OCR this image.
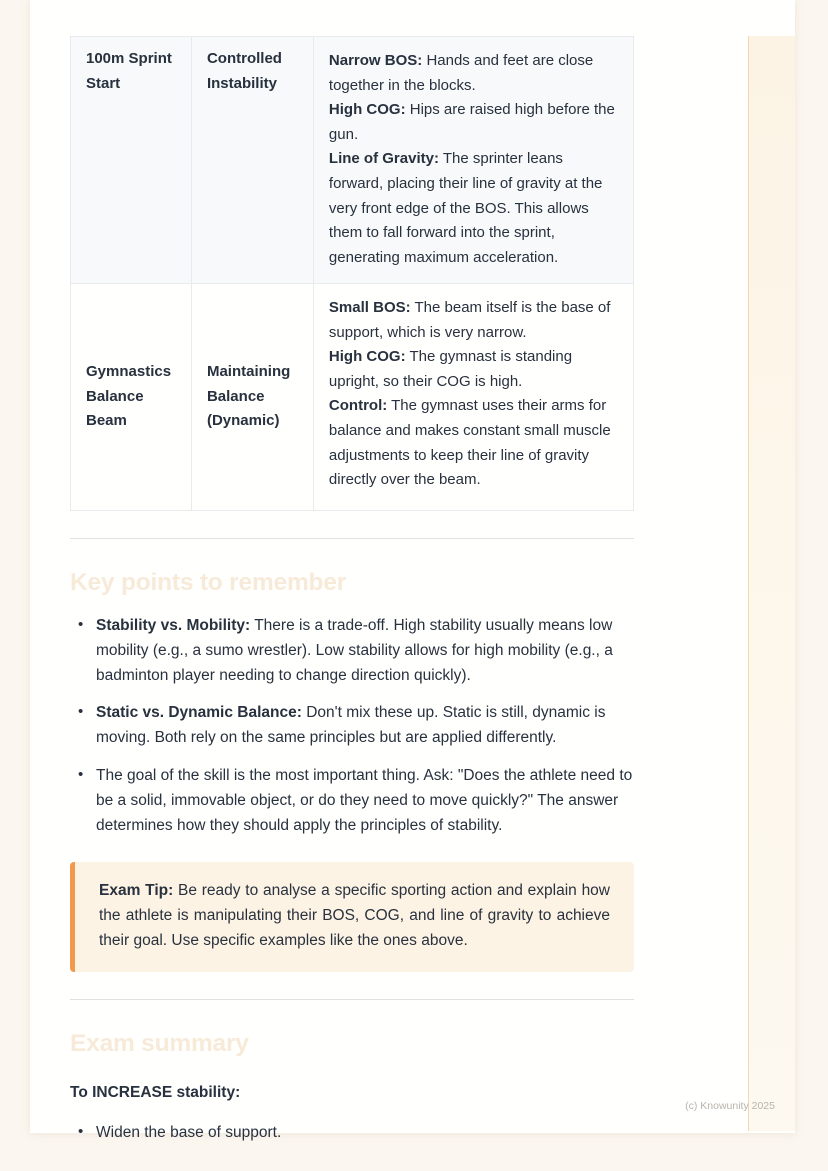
100m Sprint Start	Controlled Instability	Narrow BOS: Hands and feet are close together in the blocks.
High COG: Hips are raised high before the gun.
Line of Gravity: The sprinter leans forward, placing their line of gravity at the very front edge of the BOS. This allows them to fall forward into the sprint, generating maximum acceleration.

Gymnastics Balance Beam	Maintaining Balance (Dynamic)	Small BOS: The beam itself is the base of support, which is very narrow.
High COG: The gymnast is standing upright, so their COG is high.
Control: The gymnast uses their arms for balance and makes constant small muscle adjustments to keep their line of gravity directly over the beam.
Key points to remember
• Stability vs. Mobility: There is a trade-off. High stability usually means low mobility (e.g., a sumo wrestler). Low stability allows for high mobility (e.g., a badminton player needing to change direction quickly).
• Static vs. Dynamic Balance: Don't mix these up. Static is still, dynamic is moving. Both rely on the same principles but are applied differently.
• The goal of the skill is the most important thing. Ask: "Does the athlete need to be a solid, immovable object, or do they need to move quickly?" The answer determines how they should apply the principles of stability.
Exam Tip: Be ready to analyse a specific sporting action and explain how the athlete is manipulating their BOS, COG, and line of gravity to achieve their goal. Use specific examples like the ones above.
Exam summary

To INCREASE stability:

• Widen the base of support.
(c) Knowunity 2025
